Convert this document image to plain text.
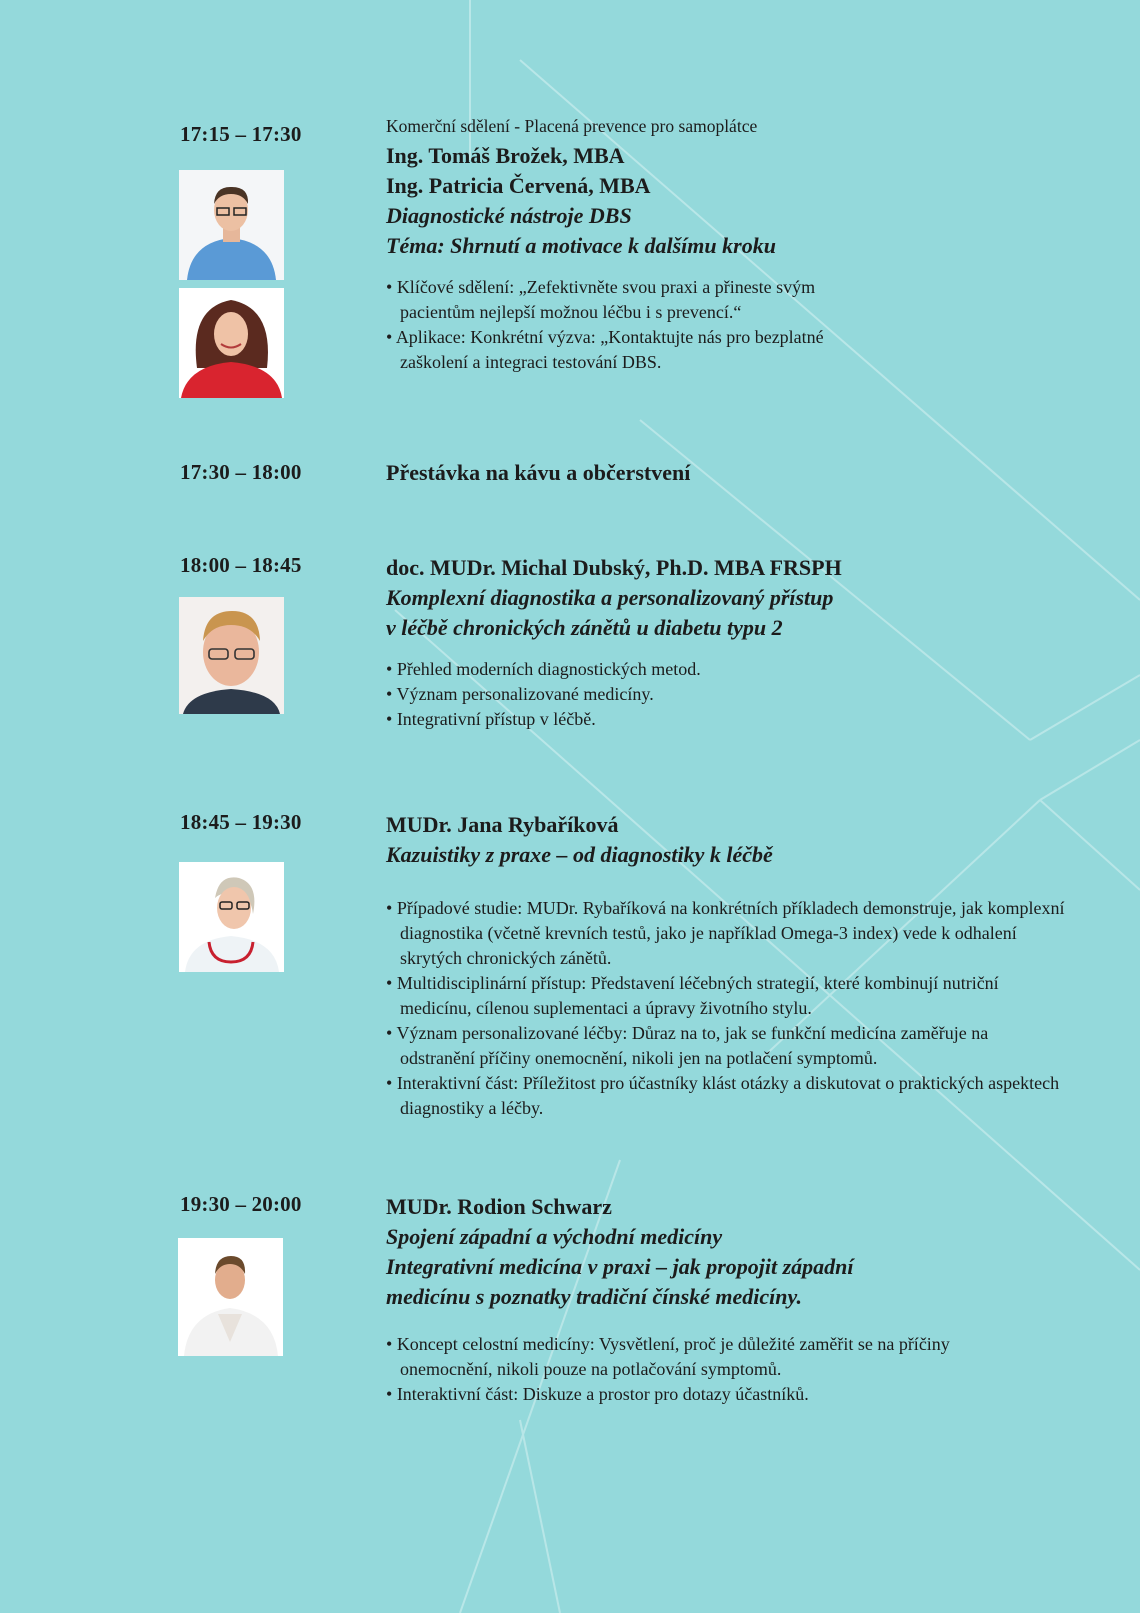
17:15 – 17:30	Komerční sdělení - Placená prevence pro samoplátce

Ing. Tomáš Brožek, MBA

Ing. Patricia Červená, MBA

Diagnostické nástroje DBS

Téma: Shrnutí a motivace k dalšímu kroku

• Klíčové sdělení: „Zefektivněte svou praxi a přineste svým pacientům nejlepší možnou léčbu i s prevencí.“
• Aplikace: Konkrétní výzva: „Kontaktujte nás pro bezplatné zaškolení a integraci testování DBS.
17:30 – 18:00	Přestávka na kávu a občerstvení

18:00 – 18:45	doc. MUDr. Michal Dubský, Ph.D. MBA FRSPH

Komplexní diagnostika a personalizovaný přístup

v léčbě chronických zánětů u diabetu typu 2

• Přehled moderních diagnostických metod.
• Význam personalizované medicíny.
• Integrativní přístup v léčbě.
18:45 – 19:30	MUDr. Jana Rybaříková

Kazuistiky z praxe – od diagnostiky k léčbě

• Případové studie: MUDr. Rybaříková na konkrétních příkladech demonstruje, jak komplexní diagnostika (včetně krevních testů, jako je například Omega-3 index) vede k odhalení skrytých chronických zánětů.
• Multidisciplinární přístup: Představení léčebných strategií, které kombinují nutriční medicínu, cílenou suplementaci a úpravy životního stylu.
• Význam personalizované léčby: Důraz na to, jak se funkční medicína zaměřuje na odstranění příčiny onemocnění, nikoli jen na potlačení symptomů.
• Interaktivní část: Příležitost pro účastníky klást otázky a diskutovat o praktických aspektech diagnostiky a léčby.
19:30 – 20:00	MUDr. Rodion Schwarz

Spojení západní a východní medicíny

Integrativní medicína v praxi – jak propojit západní

medicínu s poznatky tradiční čínské medicíny.

• Koncept celostní medicíny: Vysvětlení, proč je důležité zaměřit se na příčiny onemocnění, nikoli pouze na potlačování symptomů.
• Interaktivní část: Diskuze a prostor pro dotazy účastníků.
